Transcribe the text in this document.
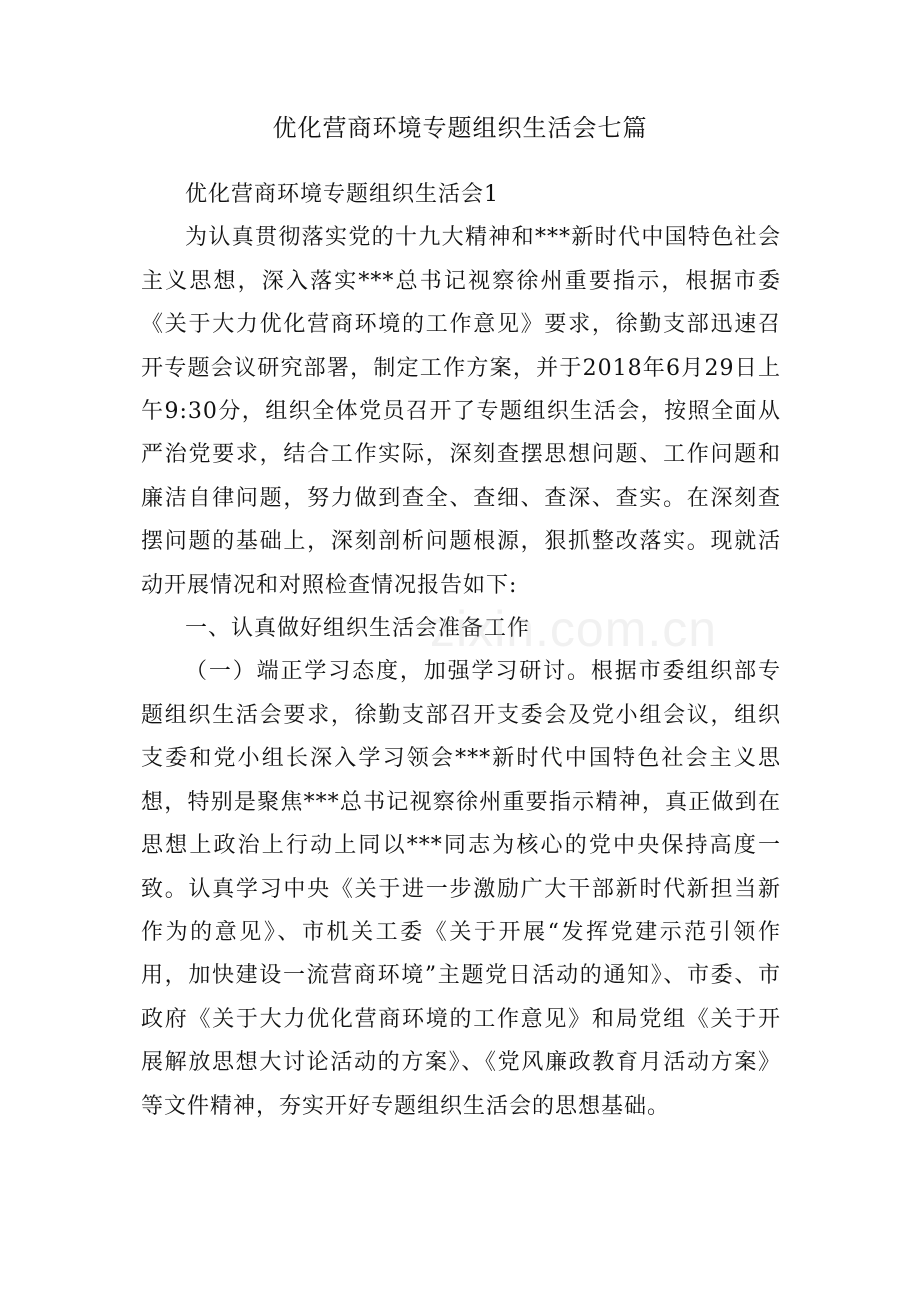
优化营商环境专题组织生活会七篇

优化营商环境专题组织生活会1

为认真贯彻落实党的十九大精神和***新时代中国特色社会主义思想，深入落实***总书记视察徐州重要指示，根据市委《关于大力优化营商环境的工作意见》要求，徐勤支部迅速召开专题会议研究部署，制定工作方案，并于2018年6月29日上午9:30分，组织全体党员召开了专题组织生活会，按照全面从严治党要求，结合工作实际，深刻查摆思想问题、工作问题和廉洁自律问题，努力做到查全、查细、查深、查实。在深刻查摆问题的基础上，深刻剖析问题根源，狠抓整改落实。现就活动开展情况和对照检查情况报告如下:

一、认真做好组织生活会准备工作

（一）端正学习态度，加强学习研讨。根据市委组织部专题组织生活会要求，徐勤支部召开支委会及党小组会议，组织支委和党小组长深入学习领会***新时代中国特色社会主义思想，特别是聚焦***总书记视察徐州重要指示精神，真正做到在思想上政治上行动上同以***同志为核心的党中央保持高度一致。认真学习中央《关于进一步激励广大干部新时代新担当新作为的意见》、市机关工委《关于开展“发挥党建示范引领作用，加快建设一流营商环境”主题党日活动的通知》、市委、市政府《关于大力优化营商环境的工作意见》和局党组《关于开展解放思想大讨论活动的方案》、《党风廉政教育月活动方案》等文件精神，夯实开好专题组织生活会的思想基础。

zixin.com.cn
